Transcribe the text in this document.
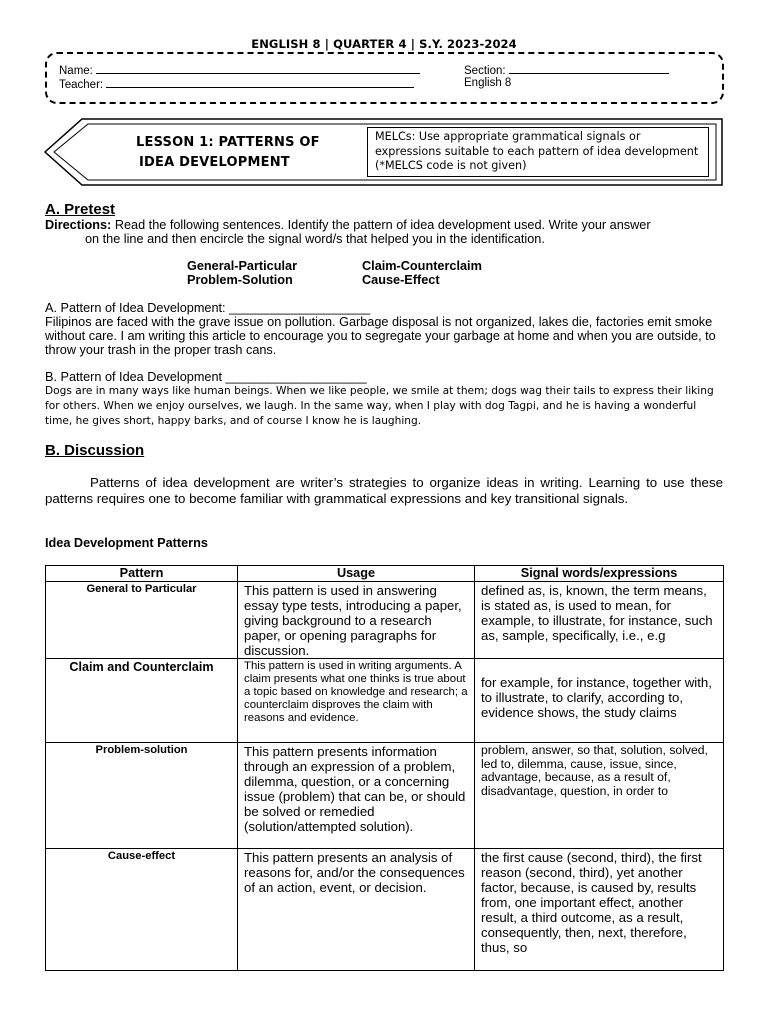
ENGLISH 8 | QUARTER 4 | S.Y. 2023-2024
Name:
Teacher:
Section:
English 8
LESSON 1: PATTERNS OF
IDEA DEVELOPMENT
MELCs: Use appropriate grammatical signals or expressions suitable to each pattern of idea development (*MELCS code is not given)
A. Pretest
Directions: Read the following sentences. Identify the pattern of idea development used. Write your answer
on the line and then encircle the signal word/s that helped you in the identification.
General-Particular	Claim-Counterclaim
Problem-Solution	Cause-Effect
A. Pattern of Idea Development: ____________________
Filipinos are faced with the grave issue on pollution. Garbage disposal is not organized, lakes die, factories emit smoke without care. I am writing this article to encourage you to segregate your garbage at home and when you are outside, to throw your trash in the proper trash cans.
B. Pattern of Idea Development ____________________
Dogs are in many ways like human beings. When we like people, we smile at them; dogs wag their tails to express their liking for others. When we enjoy ourselves, we laugh. In the same way, when I play with dog Tagpi, and he is having a wonderful time, he gives short, happy barks, and of course I know he is laughing.
B. Discussion
Patterns of idea development are writer’s strategies to organize ideas in writing. Learning to use these patterns requires one to become familiar with grammatical expressions and key transitional signals.
Idea Development Patterns
Pattern	Usage	Signal words/expressions
General to Particular	This pattern is used in answering essay type tests, introducing a paper, giving background to a research paper, or opening paragraphs for discussion.	defined as, is, known, the term means, is stated as, is used to mean, for example, to illustrate, for instance, such as, sample, specifically, i.e., e.g
Claim and Counterclaim	This pattern is used in writing arguments. A claim presents what one thinks is true about a topic based on knowledge and research; a counterclaim disproves the claim with reasons and evidence.	for example, for instance, together with, to illustrate, to clarify, according to, evidence shows, the study claims
Problem-solution	This pattern presents information through an expression of a problem, dilemma, question, or a concerning issue (problem) that can be, or should be solved or remedied (solution/attempted solution).	problem, answer, so that, solution, solved, led to, dilemma, cause, issue, since, advantage, because, as a result of, disadvantage, question, in order to
Cause-effect	This pattern presents an analysis of reasons for, and/or the consequences of an action, event, or decision.	the first cause (second, third), the first reason (second, third), yet another factor, because, is caused by, results from, one important effect, another result, a third outcome, as a result, consequently, then, next, therefore, thus, so
